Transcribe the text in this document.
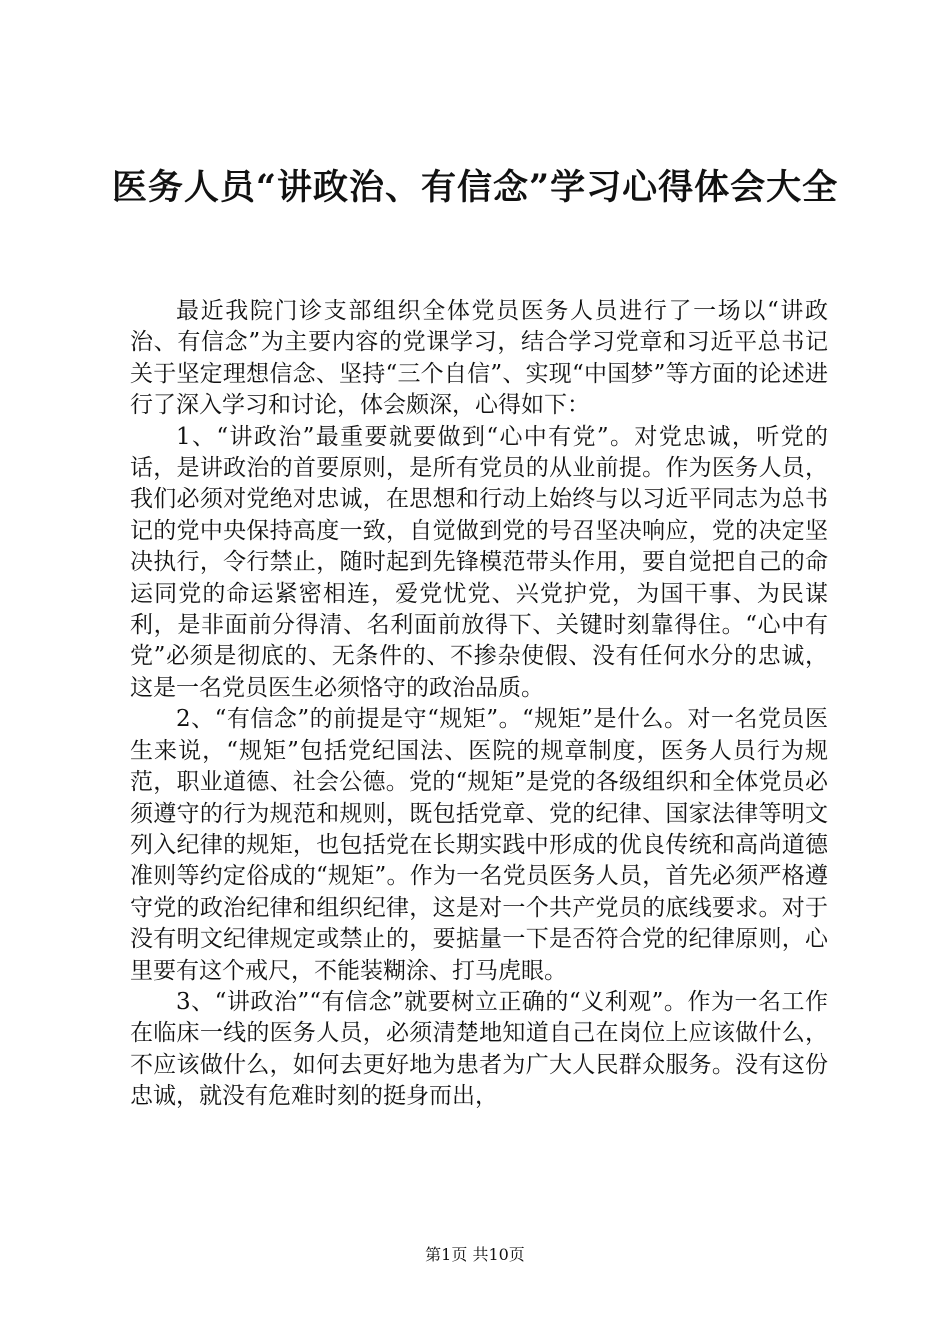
医务人员“讲政治、有信念”学习心得体会大全

最近我院门诊支部组织全体党员医务人员进行了一场以“讲政治、有信念”为主要内容的党课学习，结合学习党章和习近平总书记关于坚定理想信念、坚持“三个自信”、实现“中国梦”等方面的论述进行了深入学习和讨论，体会颇深，心得如下：

1、“讲政治”最重要就要做到“心中有党”。对党忠诚，听党的话，是讲政治的首要原则，是所有党员的从业前提。作为医务人员，我们必须对党绝对忠诚，在思想和行动上始终与以习近平同志为总书记的党中央保持高度一致，自觉做到党的号召坚决响应，党的决定坚决执行，令行禁止，随时起到先锋模范带头作用，要自觉把自己的命运同党的命运紧密相连，爱党忧党、兴党护党，为国干事、为民谋利，是非面前分得清、名利面前放得下、关键时刻靠得住。“心中有党”必须是彻底的、无条件的、不掺杂使假、没有任何水分的忠诚，这是一名党员医生必须恪守的政治品质。

2、“有信念”的前提是守“规矩”。“规矩”是什么。对一名党员医生来说，“规矩”包括党纪国法、医院的规章制度，医务人员行为规范，职业道德、社会公德。党的“规矩”是党的各级组织和全体党员必须遵守的行为规范和规则，既包括党章、党的纪律、国家法律等明文列入纪律的规矩，也包括党在长期实践中形成的优良传统和高尚道德准则等约定俗成的“规矩”。作为一名党员医务人员，首先必须严格遵守党的政治纪律和组织纪律，这是对一个共产党员的底线要求。对于没有明文纪律规定或禁止的，要掂量一下是否符合党的纪律原则，心里要有这个戒尺，不能装糊涂、打马虎眼。

3、“讲政治”“有信念”就要树立正确的“义利观”。作为一名工作在临床一线的医务人员，必须清楚地知道自己在岗位上应该做什么，不应该做什么，如何去更好地为患者为广大人民群众服务。没有这份忠诚，就没有危难时刻的挺身而出，

第1页 共10页
